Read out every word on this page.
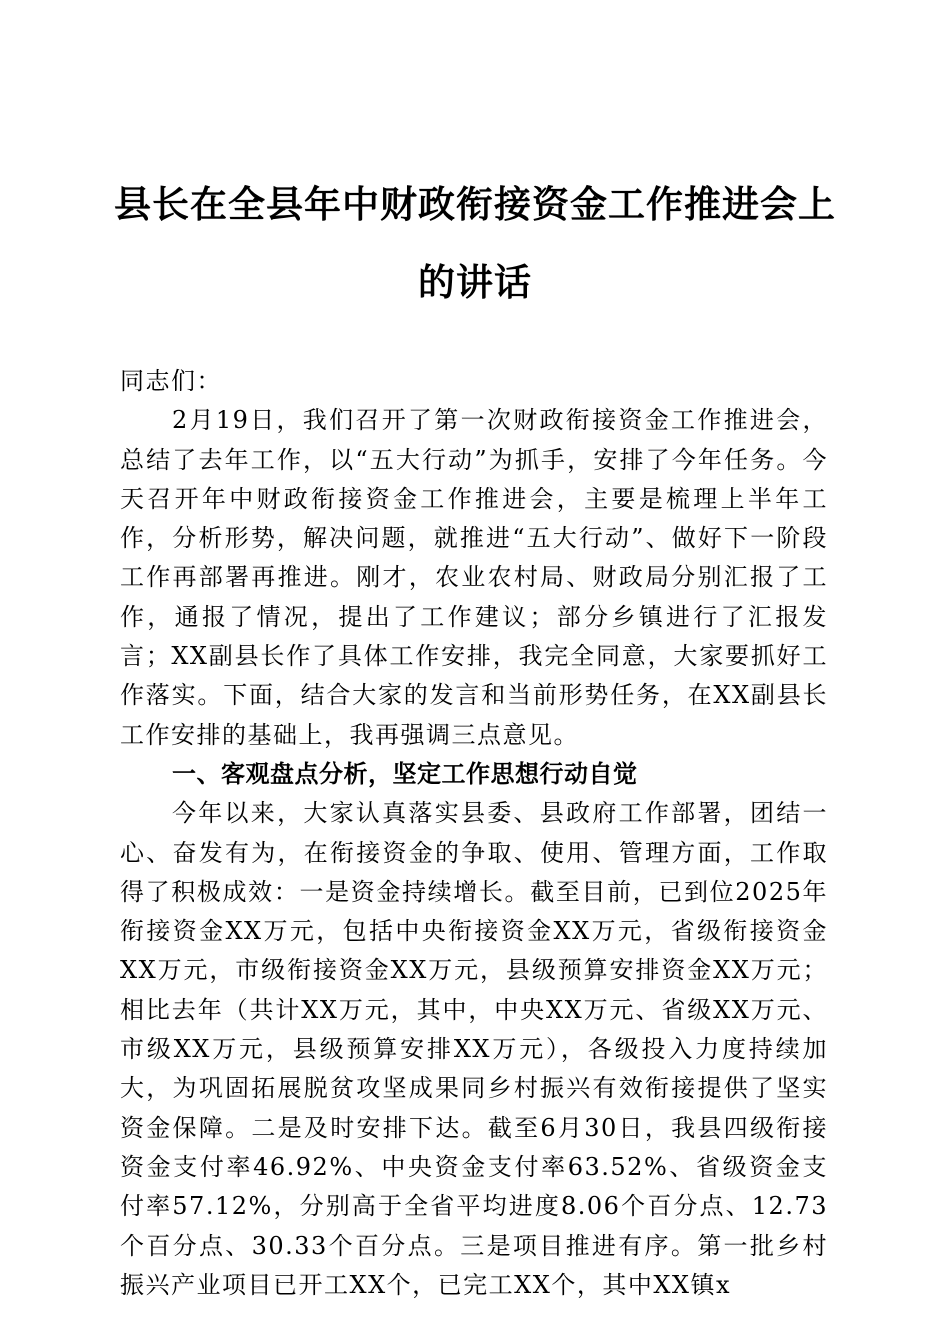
县长在全县年中财政衔接资金工作推进会上的讲话

同志们：

2月19日，我们召开了第一次财政衔接资金工作推进会，总结了去年工作，以“五大行动”为抓手，安排了今年任务。今天召开年中财政衔接资金工作推进会，主要是梳理上半年工作，分析形势，解决问题，就推进“五大行动”、做好下一阶段工作再部署再推进。刚才，农业农村局、财政局分别汇报了工作，通报了情况，提出了工作建议；部分乡镇进行了汇报发言；XX副县长作了具体工作安排，我完全同意，大家要抓好工作落实。下面，结合大家的发言和当前形势任务，在XX副县长工作安排的基础上，我再强调三点意见。

一、客观盘点分析，坚定工作思想行动自觉

今年以来，大家认真落实县委、县政府工作部署，团结一心、奋发有为，在衔接资金的争取、使用、管理方面，工作取得了积极成效：一是资金持续增长。截至目前，已到位2025年衔接资金XX万元，包括中央衔接资金XX万元，省级衔接资金XX万元，市级衔接资金XX万元，县级预算安排资金XX万元；相比去年（共计XX万元，其中，中央XX万元、省级XX万元、市级XX万元，县级预算安排XX万元），各级投入力度持续加大，为巩固拓展脱贫攻坚成果同乡村振兴有效衔接提供了坚实资金保障。二是及时安排下达。截至6月30日，我县四级衔接资金支付率46.92%、中央资金支付率63.52%、省级资金支付率57.12%，分别高于全省平均进度8.06个百分点、12.73个百分点、30.33个百分点。三是项目推进有序。第一批乡村振兴产业项目已开工XX个，已完工XX个，其中XX镇x
